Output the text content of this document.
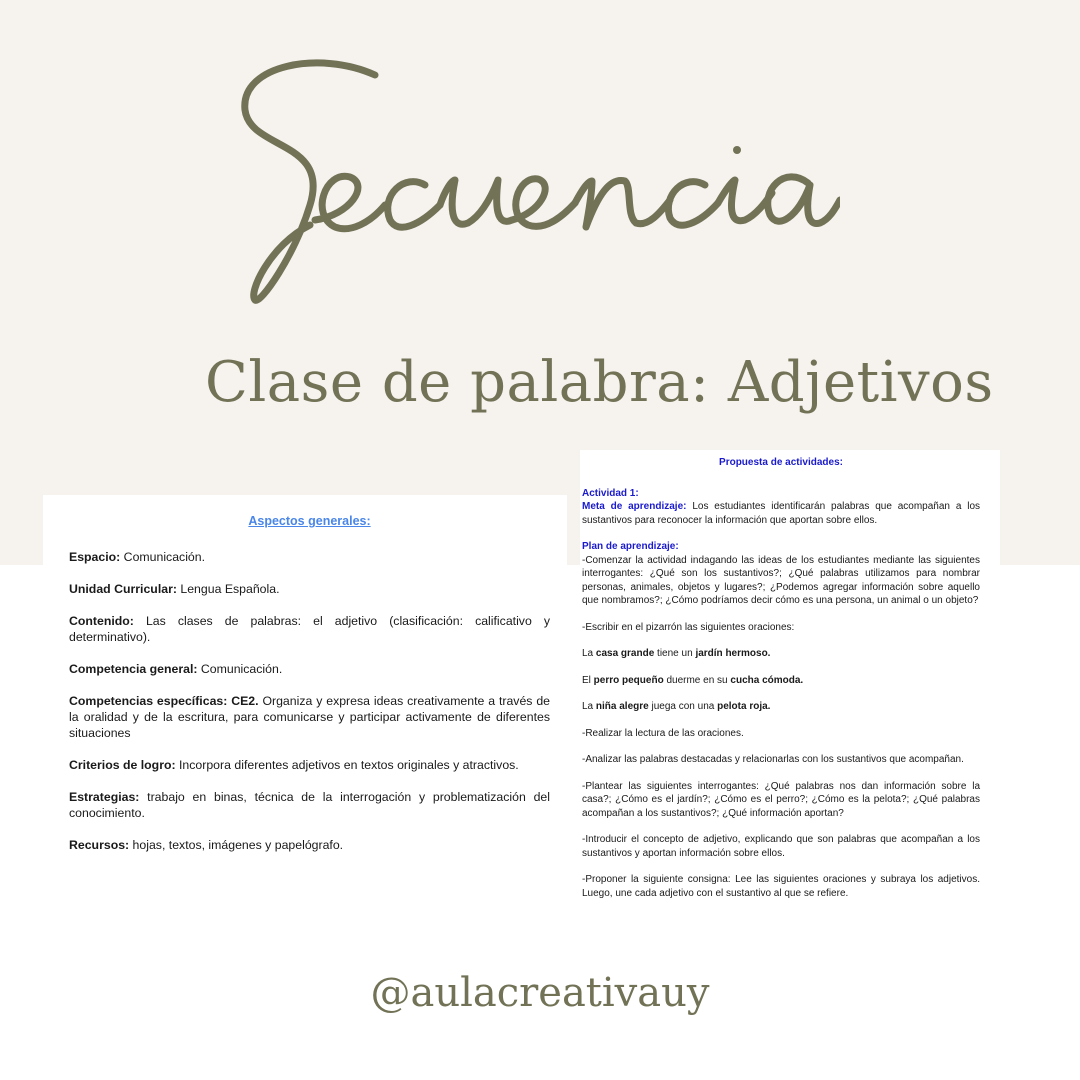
Clase de palabra: Adjetivos
Aspectos generales:

Espacio: Comunicación.

Unidad Curricular: Lengua Española.

Contenido: Las clases de palabras: el adjetivo (clasificación: calificativo y determinativo).

Competencia general: Comunicación.

Competencias específicas: CE2. Organiza y expresa ideas creativamente a través de la oralidad y de la escritura, para comunicarse y participar activamente de diferentes situaciones

Criterios de logro: Incorpora diferentes adjetivos en textos originales y atractivos.

Estrategias: trabajo en binas, técnica de la interrogación y problematización del conocimiento.

Recursos: hojas, textos, imágenes y papelógrafo.

Propuesta de actividades:

Actividad 1:

Meta de aprendizaje: Los estudiantes identificarán palabras que acompañan a los sustantivos para reconocer la información que aportan sobre ellos.

Plan de aprendizaje:

-Comenzar la actividad indagando las ideas de los estudiantes mediante las siguientes interrogantes: ¿Qué son los sustantivos?; ¿Qué palabras utilizamos para nombrar personas, animales, objetos y lugares?; ¿Podemos agregar información sobre aquello que nombramos?; ¿Cómo podríamos decir cómo es una persona, un animal o un objeto?

-Escribir en el pizarrón las siguientes oraciones:

La casa grande tiene un jardín hermoso.

El perro pequeño duerme en su cucha cómoda.

La niña alegre juega con una pelota roja.

-Realizar la lectura de las oraciones.

-Analizar las palabras destacadas y relacionarlas con los sustantivos que acompañan.

-Plantear las siguientes interrogantes: ¿Qué palabras nos dan información sobre la casa?; ¿Cómo es el jardín?; ¿Cómo es el perro?; ¿Cómo es la pelota?; ¿Qué palabras acompañan a los sustantivos?; ¿Qué información aportan?

-Introducir el concepto de adjetivo, explicando que son palabras que acompañan a los sustantivos y aportan información sobre ellos.

-Proponer la siguiente consigna: Lee las siguientes oraciones y subraya los adjetivos. Luego, une cada adjetivo con el sustantivo al que se refiere.

@aulacreativauy
